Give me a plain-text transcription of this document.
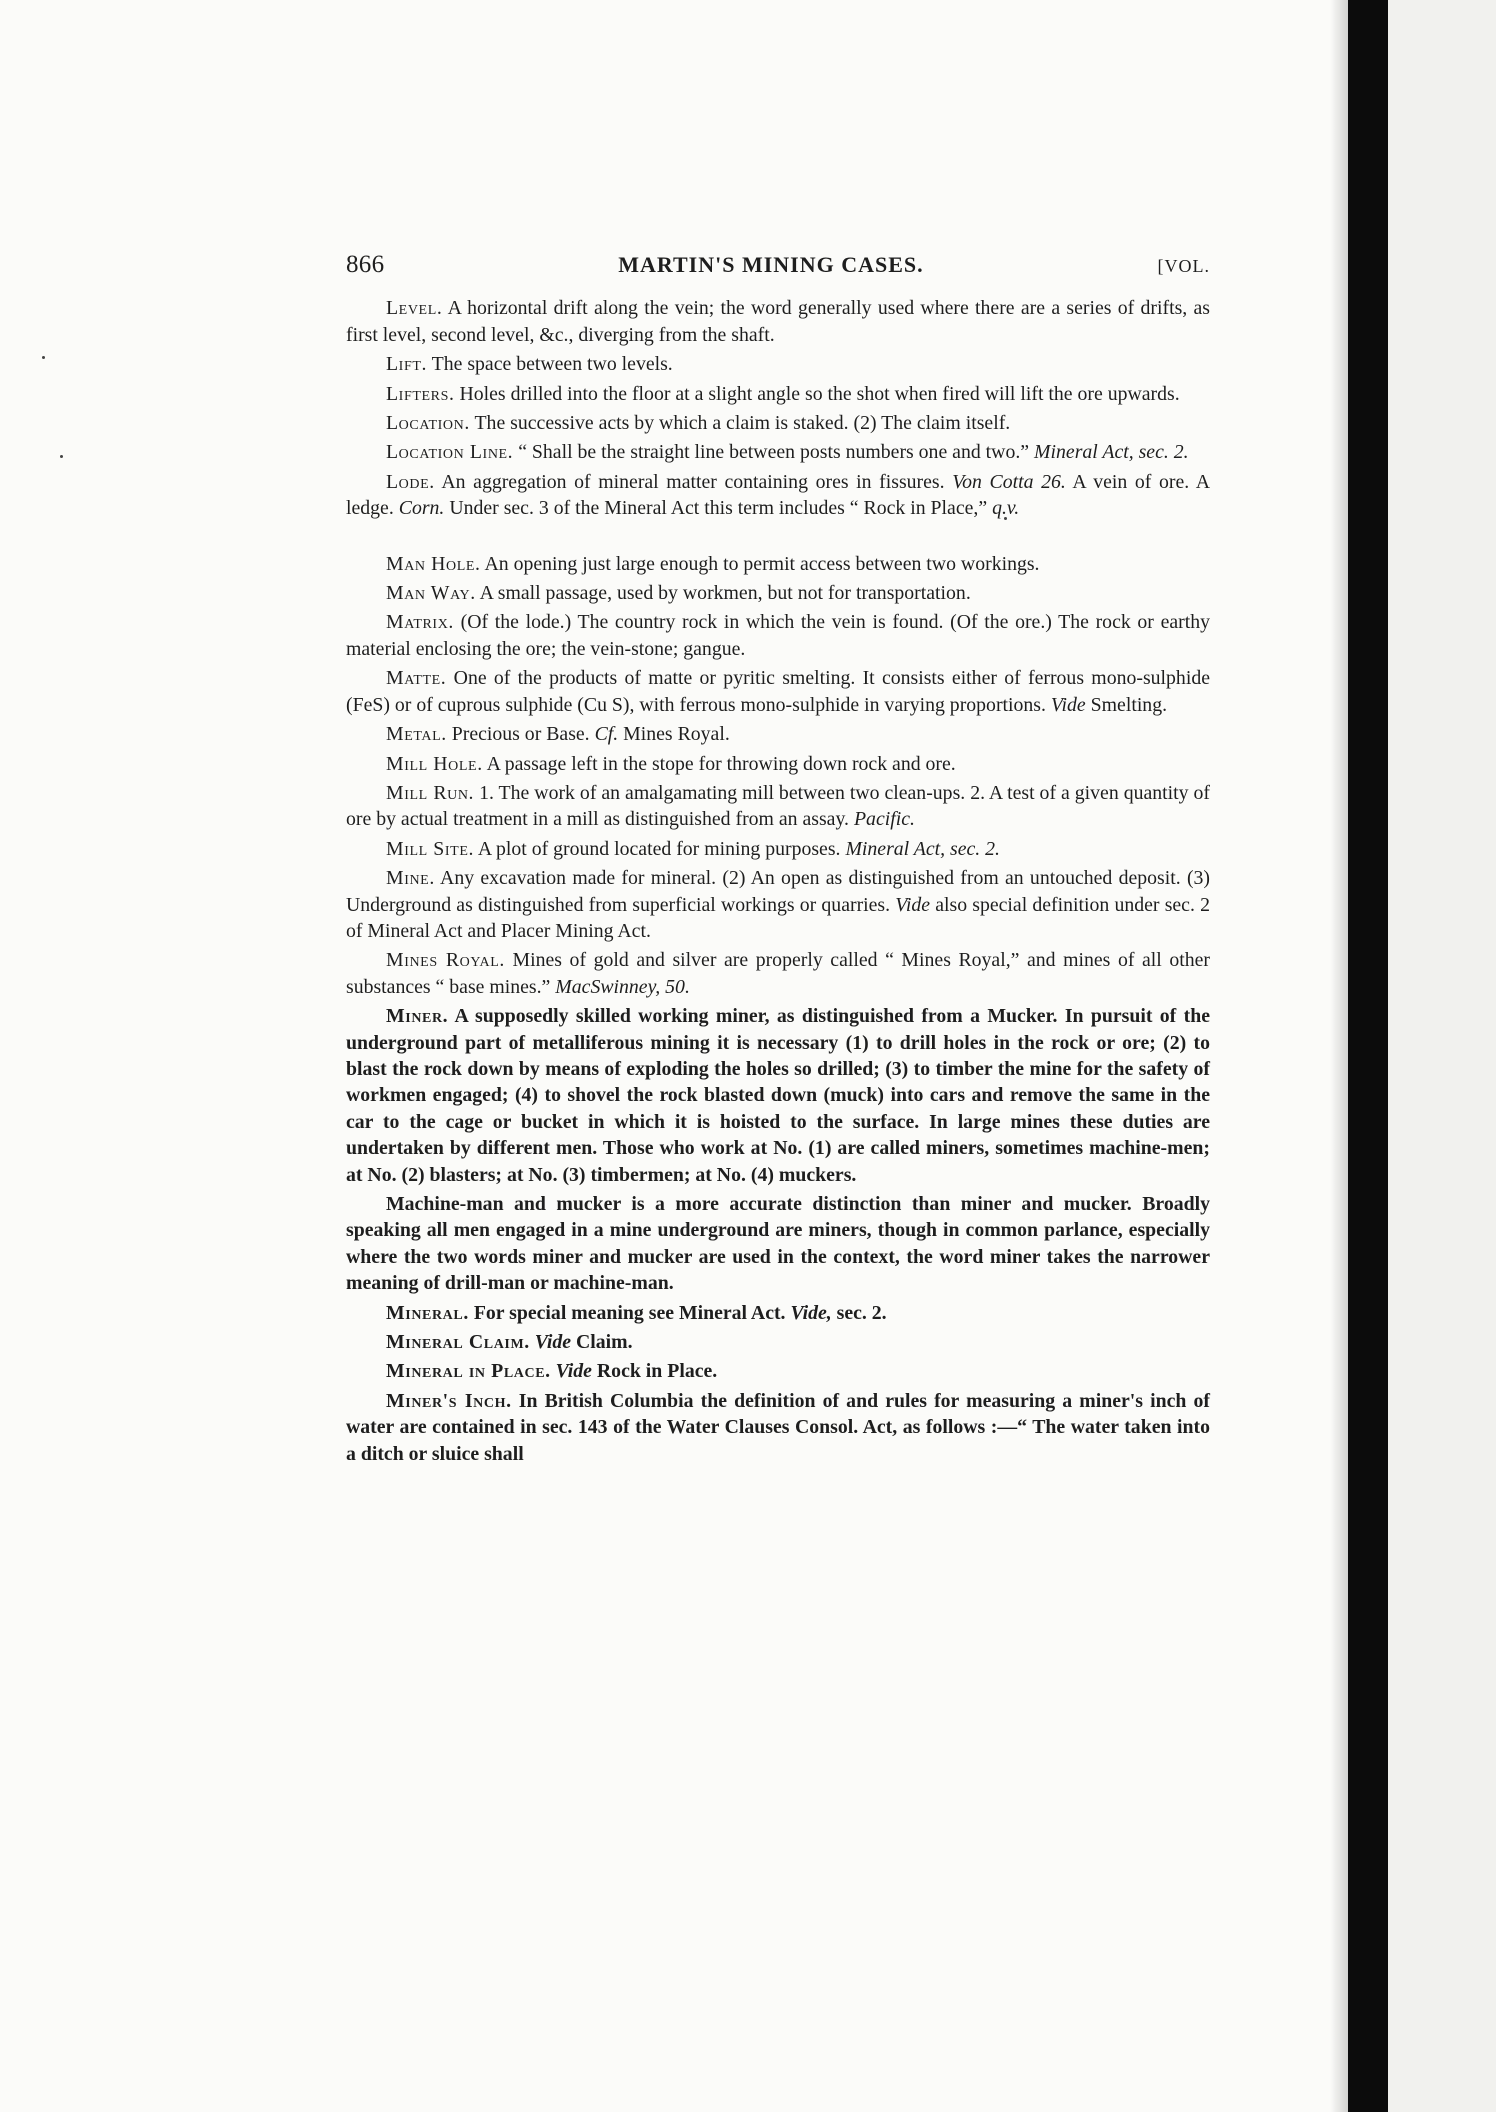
866	MARTIN'S MINING CASES.	[VOL.

Level. A horizontal drift along the vein; the word generally used where there are a series of drifts, as first level, second level, &c., diverging from the shaft.

Lift. The space between two levels.

Lifters. Holes drilled into the floor at a slight angle so the shot when fired will lift the ore upwards.

Location. The successive acts by which a claim is staked. (2) The claim itself.

Location Line. “ Shall be the straight line between posts numbers one and two.” Mineral Act, sec. 2.

Lode. An aggregation of mineral matter containing ores in fissures. Von Cotta 26. A vein of ore. A ledge. Corn. Under sec. 3 of the Mineral Act this term includes “ Rock in Place,” q.v.

Man Hole. An opening just large enough to permit access between two workings.

Man Way. A small passage, used by workmen, but not for transportation.

Matrix. (Of the lode.) The country rock in which the vein is found. (Of the ore.) The rock or earthy material enclosing the ore; the vein-stone; gangue.

Matte. One of the products of matte or pyritic smelting. It consists either of ferrous mono-sulphide (FeS) or of cuprous sulphide (Cu S), with ferrous mono-sulphide in varying proportions. Vide Smelting.

Metal. Precious or Base. Cf. Mines Royal.

Mill Hole. A passage left in the stope for throwing down rock and ore.

Mill Run. 1. The work of an amalgamating mill between two clean-ups. 2. A test of a given quantity of ore by actual treatment in a mill as distinguished from an assay. Pacific.

Mill Site. A plot of ground located for mining purposes. Mineral Act, sec. 2.

Mine. Any excavation made for mineral. (2) An open as distinguished from an untouched deposit. (3) Underground as distinguished from superficial workings or quarries. Vide also special definition under sec. 2 of Mineral Act and Placer Mining Act.

Mines Royal. Mines of gold and silver are properly called “ Mines Royal,” and mines of all other substances “ base mines.” MacSwinney, 50.

Miner. A supposedly skilled working miner, as distinguished from a Mucker. In pursuit of the underground part of metalliferous mining it is necessary (1) to drill holes in the rock or ore; (2) to blast the rock down by means of exploding the holes so drilled; (3) to timber the mine for the safety of workmen engaged; (4) to shovel the rock blasted down (muck) into cars and remove the same in the car to the cage or bucket in which it is hoisted to the surface. In large mines these duties are undertaken by different men. Those who work at No. (1) are called miners, sometimes machine-men; at No. (2) blasters; at No. (3) timbermen; at No. (4) muckers.

Machine-man and mucker is a more accurate distinction than miner and mucker. Broadly speaking all men engaged in a mine underground are miners, though in common parlance, especially where the two words miner and mucker are used in the context, the word miner takes the narrower meaning of drill-man or machine-man.

Mineral. For special meaning see Mineral Act. Vide, sec. 2.

Mineral Claim. Vide Claim.

Mineral in Place. Vide Rock in Place.

Miner's Inch. In British Columbia the definition of and rules for measuring a miner's inch of water are contained in sec. 143 of the Water Clauses Consol. Act, as follows :—“ The water taken into a ditch or sluice shall
